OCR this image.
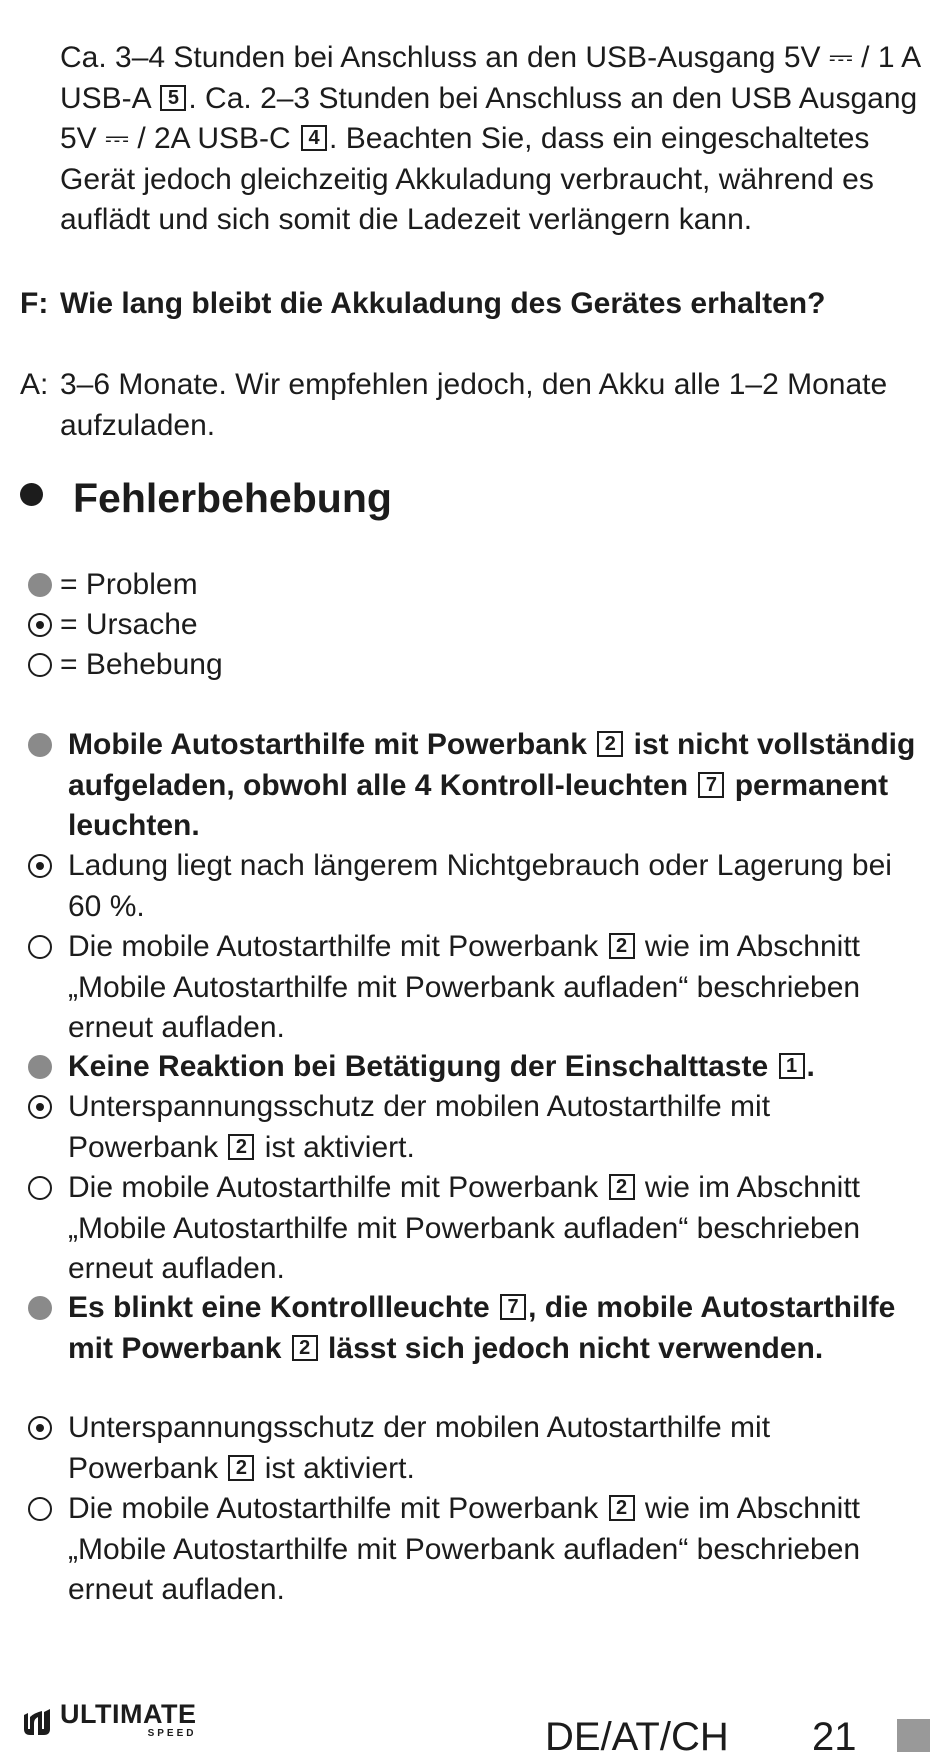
Ca. 3–4 Stunden bei Anschluss an den USB-Ausgang 5V ⎓ / 1 A USB-A 5 . Ca. 2–3 Stunden bei Anschluss an den USB Ausgang 5V ⎓ / 2A USB-C 4 . Beachten Sie, dass ein eingeschaltetes Gerät jedoch gleichzeitig Akkuladung verbraucht, während es auflädt und sich somit die Ladezeit verlängern kann.

F: Wie lang bleibt die Akkuladung des Gerätes erhalten?
A: 3–6 Monate. Wir empfehlen jedoch, den Akku alle 1–2 Monate aufzuladen.
Fehlerbehebung
= Problem
= Ursache
= Behebung
Mobile Autostarthilfe mit Powerbank 2 ist nicht vollständig aufgeladen, obwohl alle 4 Kontroll-leuchten 7 permanent leuchten.
Ladung liegt nach längerem Nichtgebrauch oder Lagerung bei 60 %.
Die mobile Autostarthilfe mit Powerbank 2 wie im Abschnitt „Mobile Autostarthilfe mit Powerbank aufladen“ beschrieben erneut aufladen.
Keine Reaktion bei Betätigung der Einschalttaste 1 .
Unterspannungsschutz der mobilen Autostarthilfe mit Powerbank 2 ist aktiviert.
Die mobile Autostarthilfe mit Powerbank 2 wie im Abschnitt „Mobile Autostarthilfe mit Powerbank aufladen“ beschrieben erneut aufladen.
Es blinkt eine Kontrollleuchte 7 , die mobile Autostarthilfe mit Powerbank 2 lässt sich jedoch nicht verwenden.
Unterspannungsschutz der mobilen Autostarthilfe mit Powerbank 2 ist aktiviert.
Die mobile Autostarthilfe mit Powerbank 2 wie im Abschnitt „Mobile Autostarthilfe mit Powerbank aufladen“ beschrieben erneut aufladen.
ULTIMATE
SPEED	DE/AT/CH 21
